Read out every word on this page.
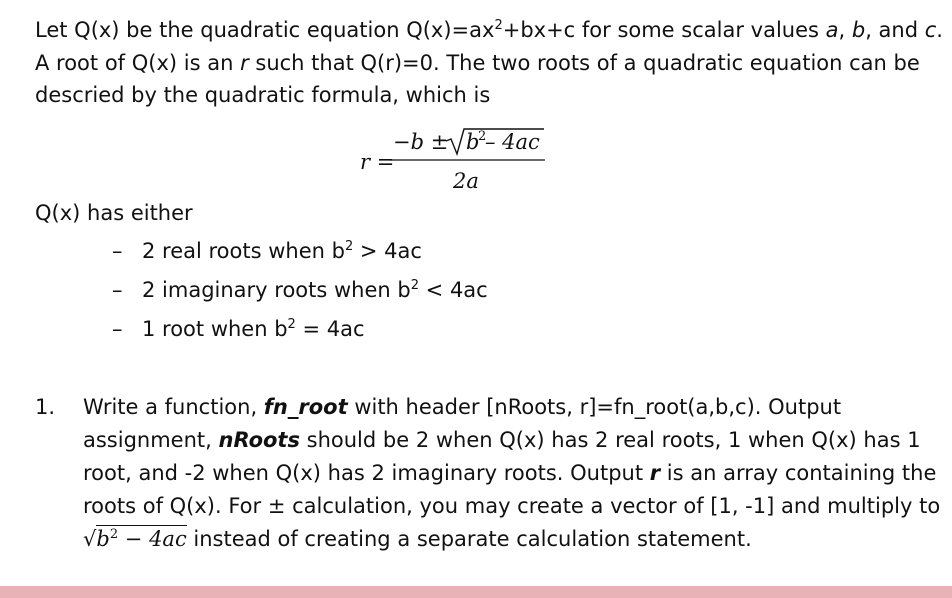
Let Q(x) be the quadratic equation $Q(x)=ax^2+bx+c$ for some scalar values a, b, and c. A root of Q(x) is an r such that Q(r)=0. The two roots of a quadratic equation can be descried by the quadratic formula, which is
r =
−b ± b
2
– 4ac
2a
Q(x) has either
– 2 real roots when $b^2 > 4ac$
– 2 imaginary roots when $b^2 < 4ac$
– 1 root when $b^2 = 4ac$
1. Write a function, fn_root with header [nRoots, r]=fn_root(a,b,c). Output assignment, nRoots should be 2 when Q(x) has 2 real roots, 1 when Q(x) has 1 root, and -2 when Q(x) has 2 imaginary roots. Output r is an array containing the roots of Q(x). For ± calculation, you may create a vector of [1, -1] and multiply to $√b^2 - 4ac$ instead of creating a separate calculation statement.
